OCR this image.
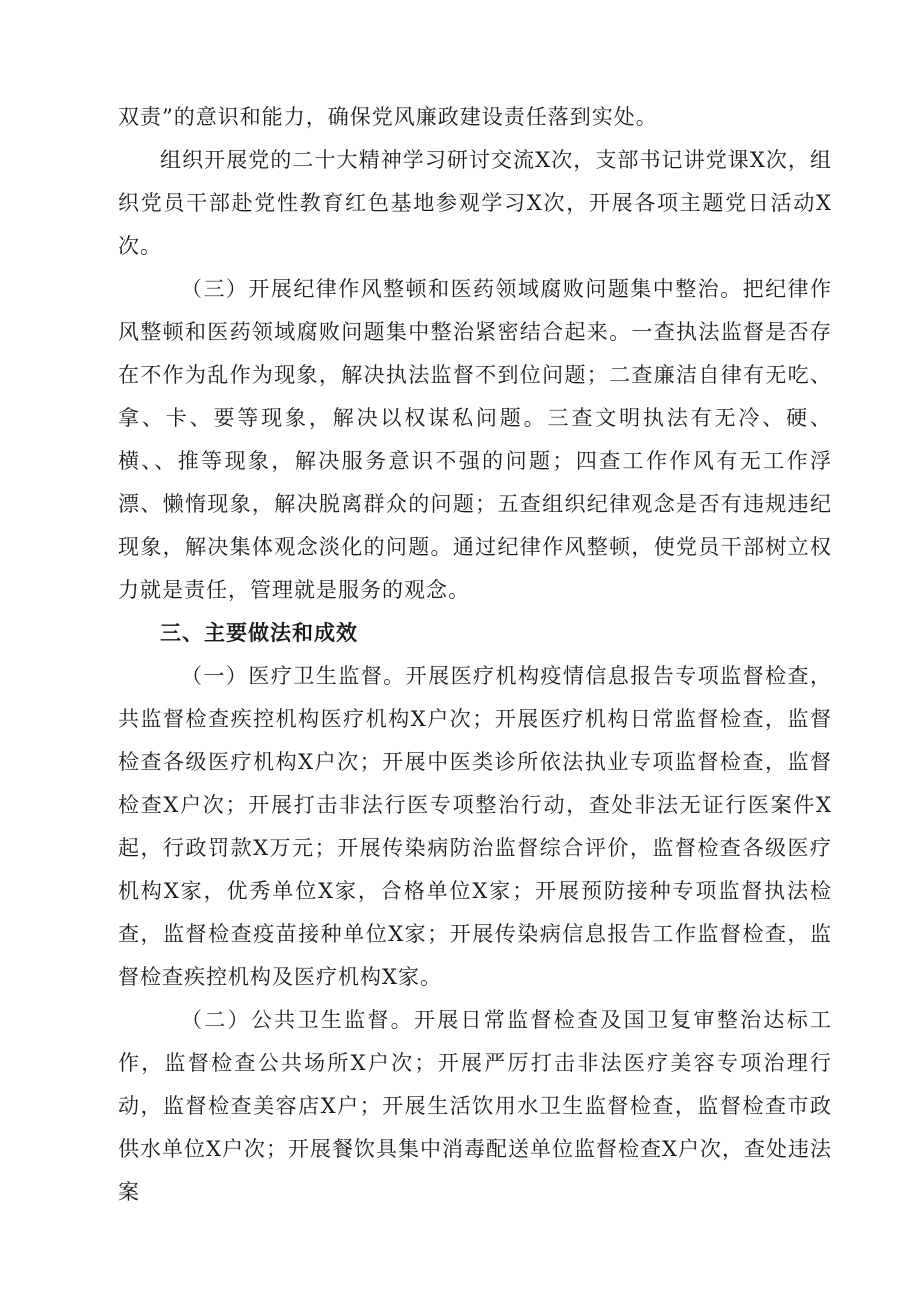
双责”的意识和能力，确保党风廉政建设责任落到实处。

组织开展党的二十大精神学习研讨交流X次，支部书记讲党课X次，组织党员干部赴党性教育红色基地参观学习X次，开展各项主题党日活动X次。

（三）开展纪律作风整顿和医药领域腐败问题集中整治。把纪律作风整顿和医药领域腐败问题集中整治紧密结合起来。一查执法监督是否存在不作为乱作为现象，解决执法监督不到位问题；二查廉洁自律有无吃、拿、卡、要等现象，解决以权谋私问题。三查文明执法有无冷、硬、横、、推等现象，解决服务意识不强的问题；四查工作作风有无工作浮漂、懒惰现象，解决脱离群众的问题；五查组织纪律观念是否有违规违纪现象，解决集体观念淡化的问题。通过纪律作风整顿，使党员干部树立权力就是责任，管理就是服务的观念。

三、主要做法和成效

（一）医疗卫生监督。开展医疗机构疫情信息报告专项监督检查，共监督检查疾控机构医疗机构X户次；开展医疗机构日常监督检查，监督检查各级医疗机构X户次；开展中医类诊所依法执业专项监督检查，监督检查X户次；开展打击非法行医专项整治行动，查处非法无证行医案件X起，行政罚款X万元；开展传染病防治监督综合评价，监督检查各级医疗机构X家，优秀单位X家，合格单位X家；开展预防接种专项监督执法检查，监督检查疫苗接种单位X家；开展传染病信息报告工作监督检查，监督检查疾控机构及医疗机构X家。

（二）公共卫生监督。开展日常监督检查及国卫复审整治达标工作，监督检查公共场所X户次；开展严厉打击非法医疗美容专项治理行动，监督检查美容店X户；开展生活饮用水卫生监督检查，监督检查市政供水单位X户次；开展餐饮具集中消毒配送单位监督检查X户次，查处违法案
